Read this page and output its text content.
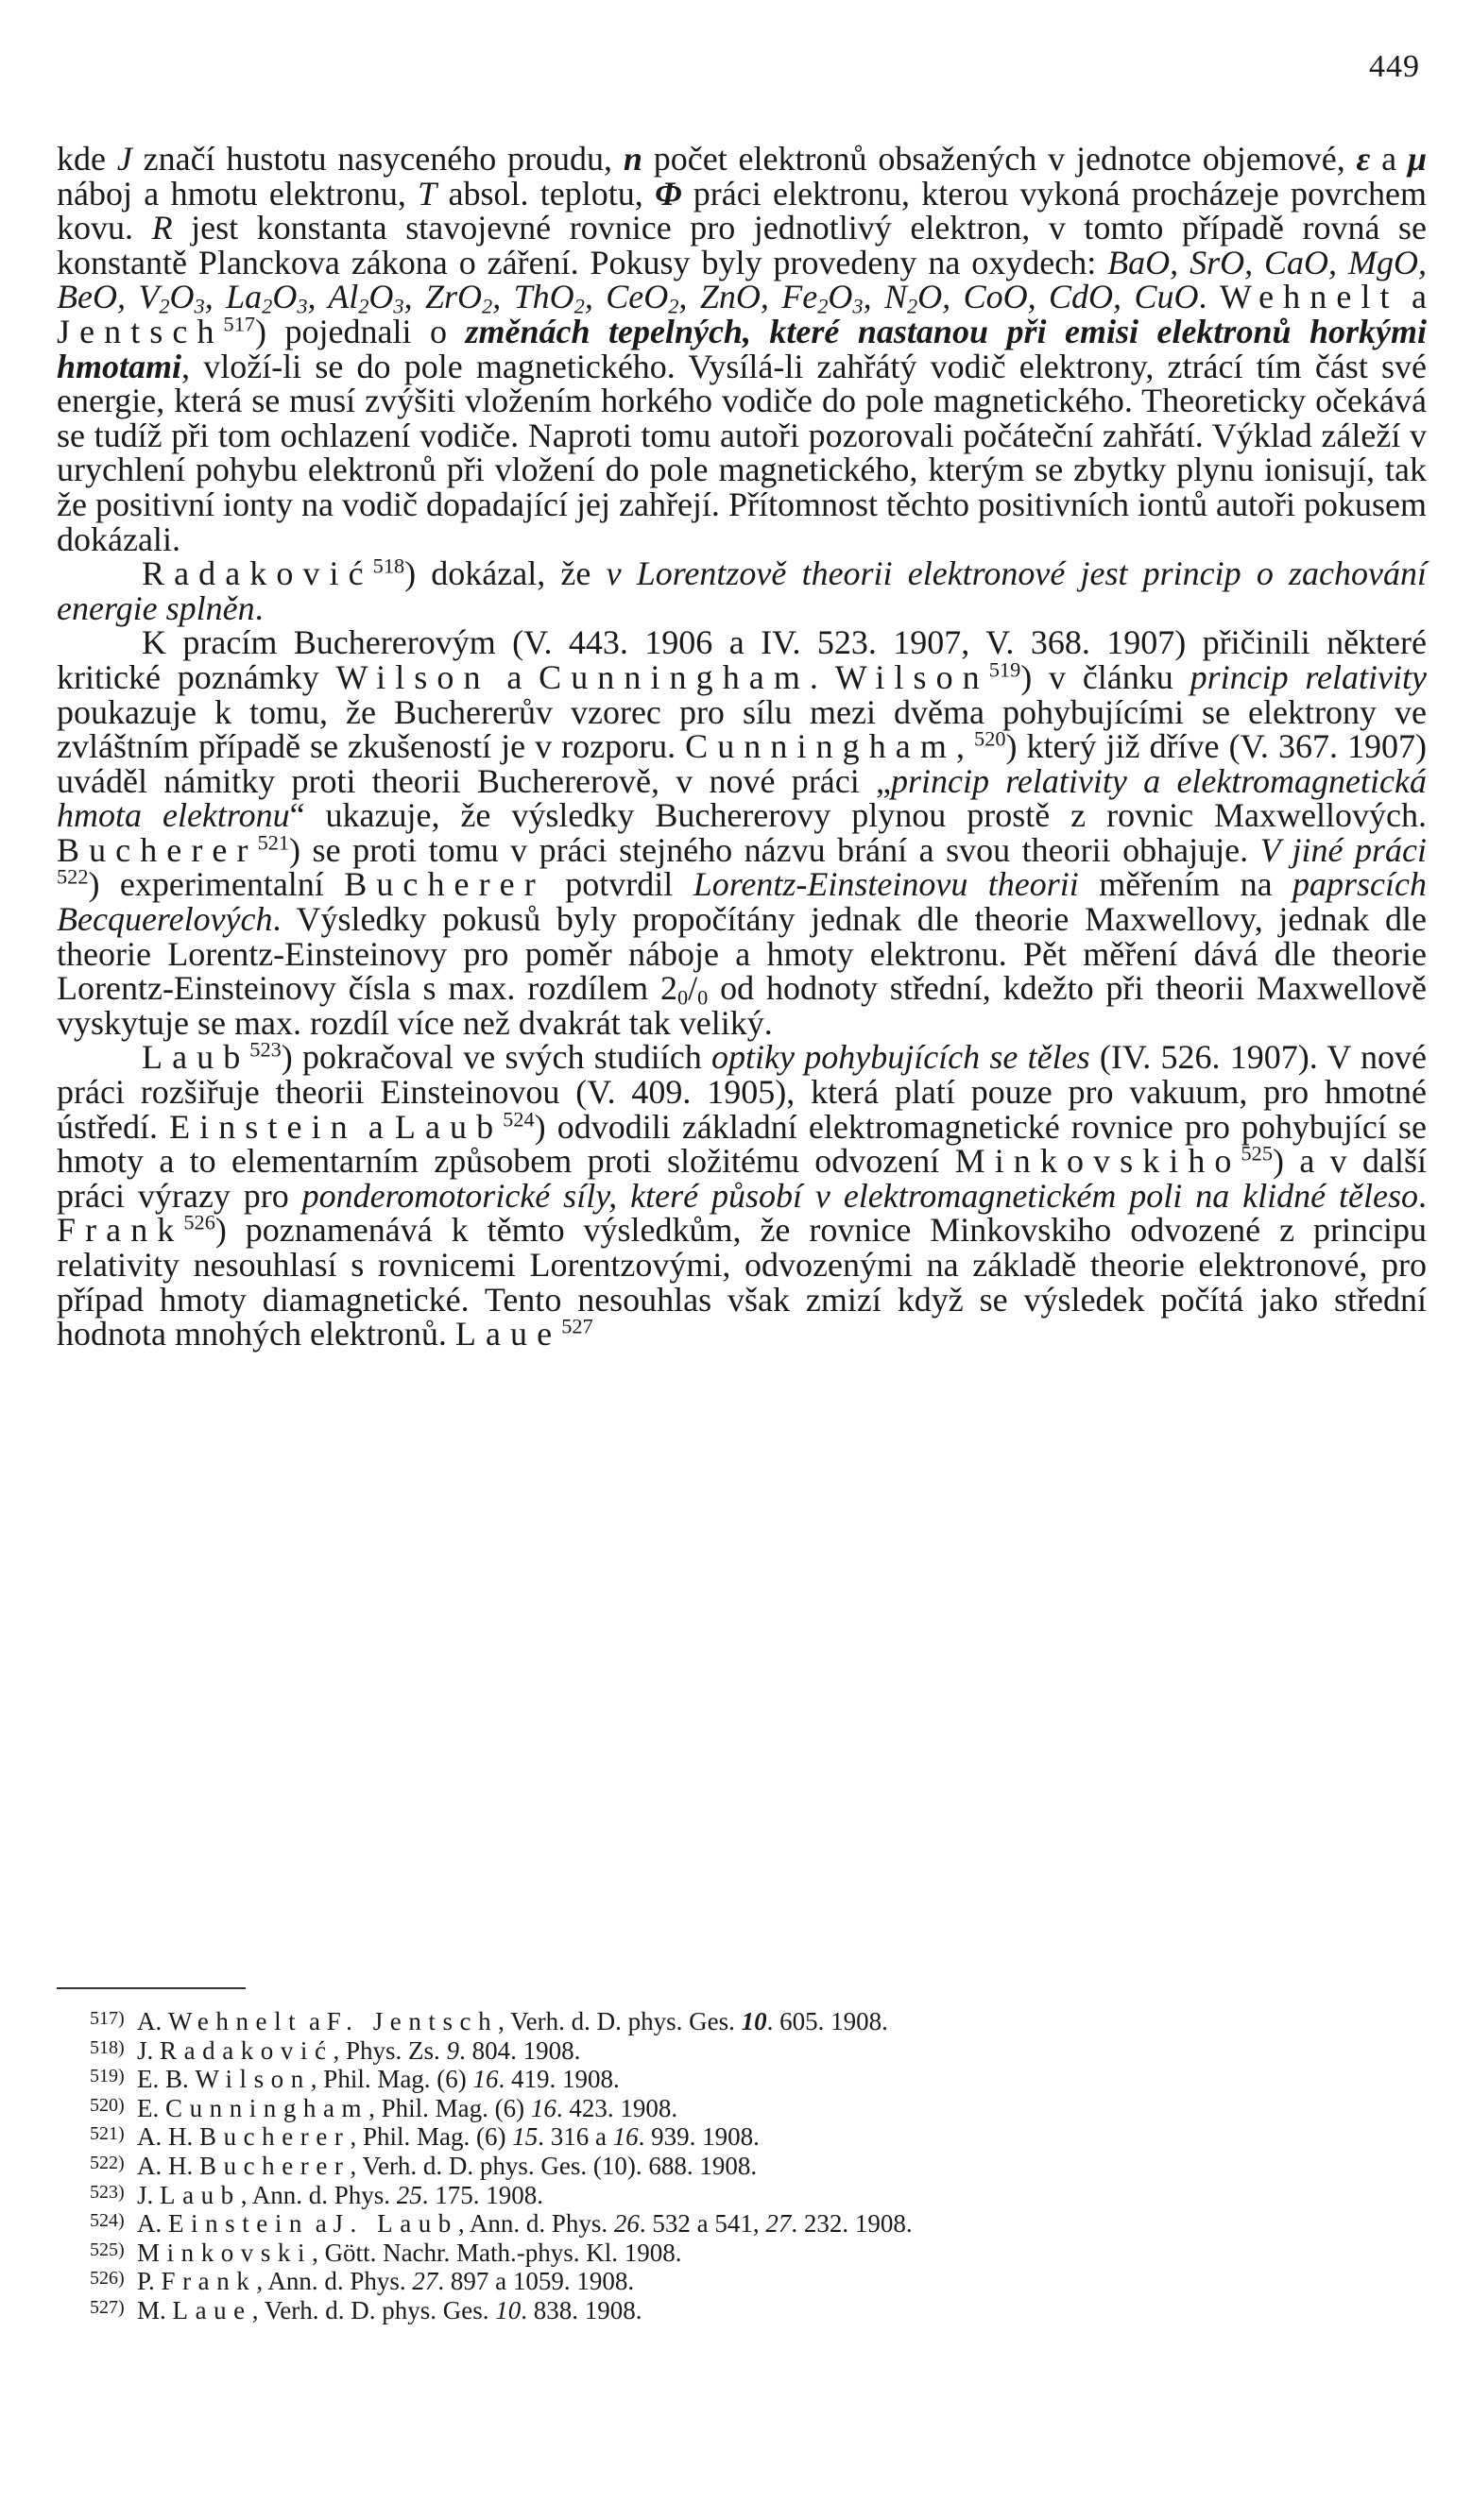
449

kde J značí hustotu nasyceného proudu, n počet elektronů obsažených v jednotce objemové, ε a μ náboj a hmotu elektronu, T absol. teplotu, Φ práci elektronu, kterou vykoná procházeje povrchem kovu. R jest konstanta stavojevné rovnice pro jednotlivý elektron, v tomto případě rovná se konstantě Planckova zákona o záření. Pokusy byly provedeny na oxydech: BaO, SrO, CaO, MgO, BeO, $V_2O_3$, $La_2O_3$, $Al_2O_3$, ZrO$_2$, ThO$_2$, CeO$_2$, ZnO, $Fe_2O_3$, $N_2O$, CoO, CdO, CuO. Wehnelt a Jentsch$^{517}$) pojednali o změnách tepelných, které nastanou při emisi elektronů horkými hmotami, vloží-li se do pole magnetického. Vysílá-li zahřátý vodič elektrony, ztrácí tím část své energie, která se musí zvýšiti vložením horkého vodiče do pole magnetického. Theoreticky očekává se tudíž při tom ochlazení vodiče. Naproti tomu autoři pozorovali počáteční zahřátí. Výklad záleží v urychlení pohybu elektronů při vložení do pole magnetického, kterým se zbytky plynu ionisují, tak že positivní ionty na vodič dopadající jej zahřejí. Přítomnost těchto positivních iontů autoři pokusem dokázali.

Radaković$^{518}$) dokázal, že v Lorentzově theorii elektronové jest princip o zachování energie splněn.

K pracím Buchererovým (V. 443. 1906 a IV. 523. 1907, V. 368. 1907) přičinili některé kritické poznámky Wilson a Cunningham. Wilson$^{519}$) v článku princip relativity poukazuje k tomu, že Buchererův vzorec pro sílu mezi dvěma pohybujícími se elektrony ve zvláštním případě se zkušeností je v rozporu. Cunningham,$^{520}$) který již dříve (V. 367. 1907) uváděl námitky proti theorii Buchererově, v nové práci „princip relativity a elektromagnetická hmota elektronu“ ukazuje, že výsledky Buchererovy plynou prostě z rovnic Maxwellových. Bucherer$^{521}$) se proti tomu v práci stejného názvu brání a svou theorii obhajuje. V jiné práci $^{522}$) experimentalní Bucherer potvrdil Lorentz-Einsteinovu theorii měřením na paprscích Becquerelových. Výsledky pokusů byly propočítány jednak dle theorie Maxwellovy, jednak dle theorie Lorentz-Einsteinovy pro poměr náboje a hmoty elektronu. Pět měření dává dle theorie Lorentz-Einsteinovy čísla s max. rozdílem $2_0/_0$ od hodnoty střední, kdežto při theorii Maxwellově vyskytuje se max. rozdíl více než dvakrát tak veliký.

Laub$^{523}$) pokračoval ve svých studiích optiky pohybujících se těles (IV. 526. 1907). V nové práci rozšiřuje theorii Einsteinovou (V. 409. 1905), která platí pouze pro vakuum, pro hmotné ústředí. Einstein a Laub$^{524}$) odvodili základní elektromagnetické rovnice pro pohybující se hmoty a to elementarním způsobem proti složitému odvození Minkovskiho$^{525}$) a v další práci výrazy pro ponderomotorické síly, které působí v elektromagnetickém poli na klidné těleso. Frank$^{526}$) poznamenává k těmto výsledkům, že rovnice Minkovskiho odvozené z principu relativity nesouhlasí s rovnicemi Lorentzovými, odvozenými na základě theorie elektronové, pro případ hmoty diamagnetické. Tento nesouhlas však zmizí když se výsledek počítá jako střední hodnota mnohých elektronů. Laue$^{527}$

517) A. Wehnelt a F. Jentsch, Verh. d. D. phys. Ges. 10. 605. 1908.
518) J. Radaković, Phys. Zs. 9. 804. 1908.
519) E. B. Wilson, Phil. Mag. (6) 16. 419. 1908.
520) E. Cunningham, Phil. Mag. (6) 16. 423. 1908.
521) A. H. Bucherer, Phil. Mag. (6) 15. 316 a 16. 939. 1908.
522) A. H. Bucherer, Verh. d. D. phys. Ges. (10). 688. 1908.
523) J. Laub, Ann. d. Phys. 25. 175. 1908.
524) A. Einstein a J. Laub, Ann. d. Phys. 26. 532 a 541, 27. 232. 1908.
525) Minkovski, Gött. Nachr. Math.-phys. Kl. 1908.
526) P. Frank, Ann. d. Phys. 27. 897 a 1059. 1908.
527) M. Laue, Verh. d. D. phys. Ges. 10. 838. 1908.
